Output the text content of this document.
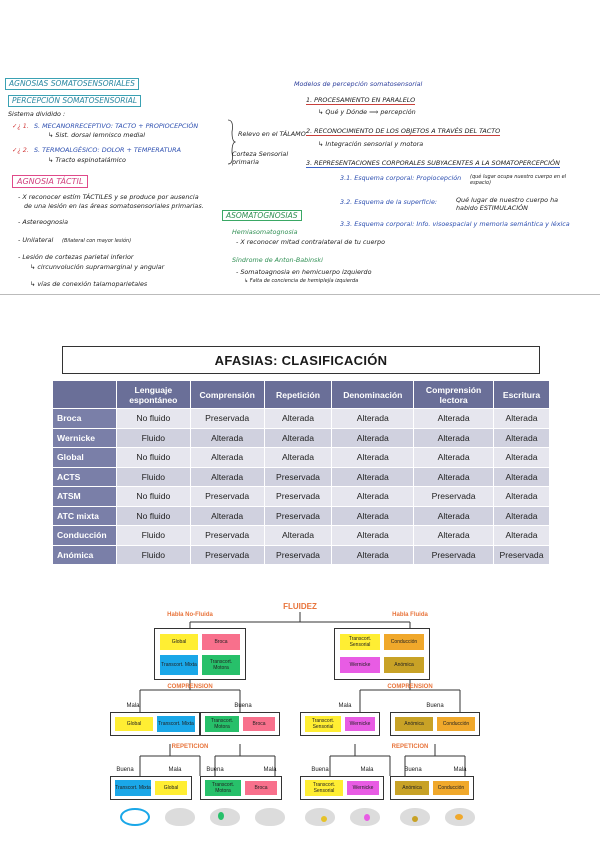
AGNOSIAS SOMATOSENSORIALES
PERCEPCIÓN SOMATOSENSORIAL
Sistema dividido :
✓¿ 1. S. MECANORRECEPTIVO: TACTO + PROPIOCEPCIÓN
↳ Sist. dorsal lemnisco medial
✓¿ 2. S. TERMOALGÉSICO: DOLOR + TEMPERATURA
↳ Tracto espinotalámico
Relevo en el TÁLAMO
Corteza Sensorial primaria
AGNOSIA TÁCTIL
- X reconocer estím TÁCTILES y se produce por ausencia
de una lesión en las áreas somatosensoriales primarias.
- Astereognosia
- Unilateral (Bilateral con mayor lesión)
- Lesión de cortezas parietal inferior
↳ circunvolución supramarginal y angular
↳ vías de conexión talamoparietales
Modelos de percepción somatosensorial
1. PROCESAMIENTO EN PARALELO
↳ Qué y Dónde ⟹ percepción
2. RECONOCIMIENTO DE LOS OBJETOS A TRAVÉS DEL TACTO
↳ Integración sensorial y motora
3. REPRESENTACIONES CORPORALES SUBYACENTES A LA SOMATOPERCEPCIÓN
3.1. Esquema corporal: Propiocepción (qué lugar ocupa nuestro cuerpo en el espacio)
3.2. Esquema de la superficie:	Qué lugar de nuestro cuerpo ha habido ESTIMULACIÓN
3.3. Esquema corporal: Info. visoespacial y memoria semántica y léxica
ASOMATOGNOSIAS
Hemiasomatognosia
- X reconocer mitad contralateral de tu cuerpo
Síndrome de Anton-Babinski
- Somatoagnosia en hemicuerpo izquierdo
↳ Falta de conciencia de hemiplejía izquierda
AFASIAS: CLASIFICACIÓN
	Lenguaje espontáneo	Comprensión	Repetición	Denominación	Comprensión lectora	Escritura
Broca	No fluido	Preservada	Alterada	Alterada	Alterada	Alterada
Wernicke	Fluido	Alterada	Alterada	Alterada	Alterada	Alterada
Global	No fluido	Alterada	Alterada	Alterada	Alterada	Alterada
ACTS	Fluido	Alterada	Preservada	Alterada	Alterada	Alterada
ATSM	No fluido	Preservada	Preservada	Alterada	Preservada	Alterada
ATC mixta	No fluido	Alterada	Preservada	Alterada	Alterada	Alterada
Conducción	Fluido	Preservada	Alterada	Alterada	Alterada	Alterada
Anómica	Fluido	Preservada	Preservada	Alterada	Preservada	Preservada
FLUIDEZ
Habla No-Fluida	Habla Fluida
Global	Broca
Transcort. Mixta	Transcort. Motora
Transcort. Sensorial	Conducción
Wernicke	Anómica
COMPRENSION	COMPRENSION
Mala	Buena	Mala	Buena
Global	Transcort. Mixta	Transcort. Motora	Broca	Transcort. Sensorial	Wernicke	Anómica	Conducción
REPETICION	REPETICION
Buena	Mala	Buena	Mala	Buena	Mala	Buena	Mala
Transcort. Mixta	Global	Transcort. Motora	Broca	Transcort. Sensorial	Wernicke	Anómica	Conducción
